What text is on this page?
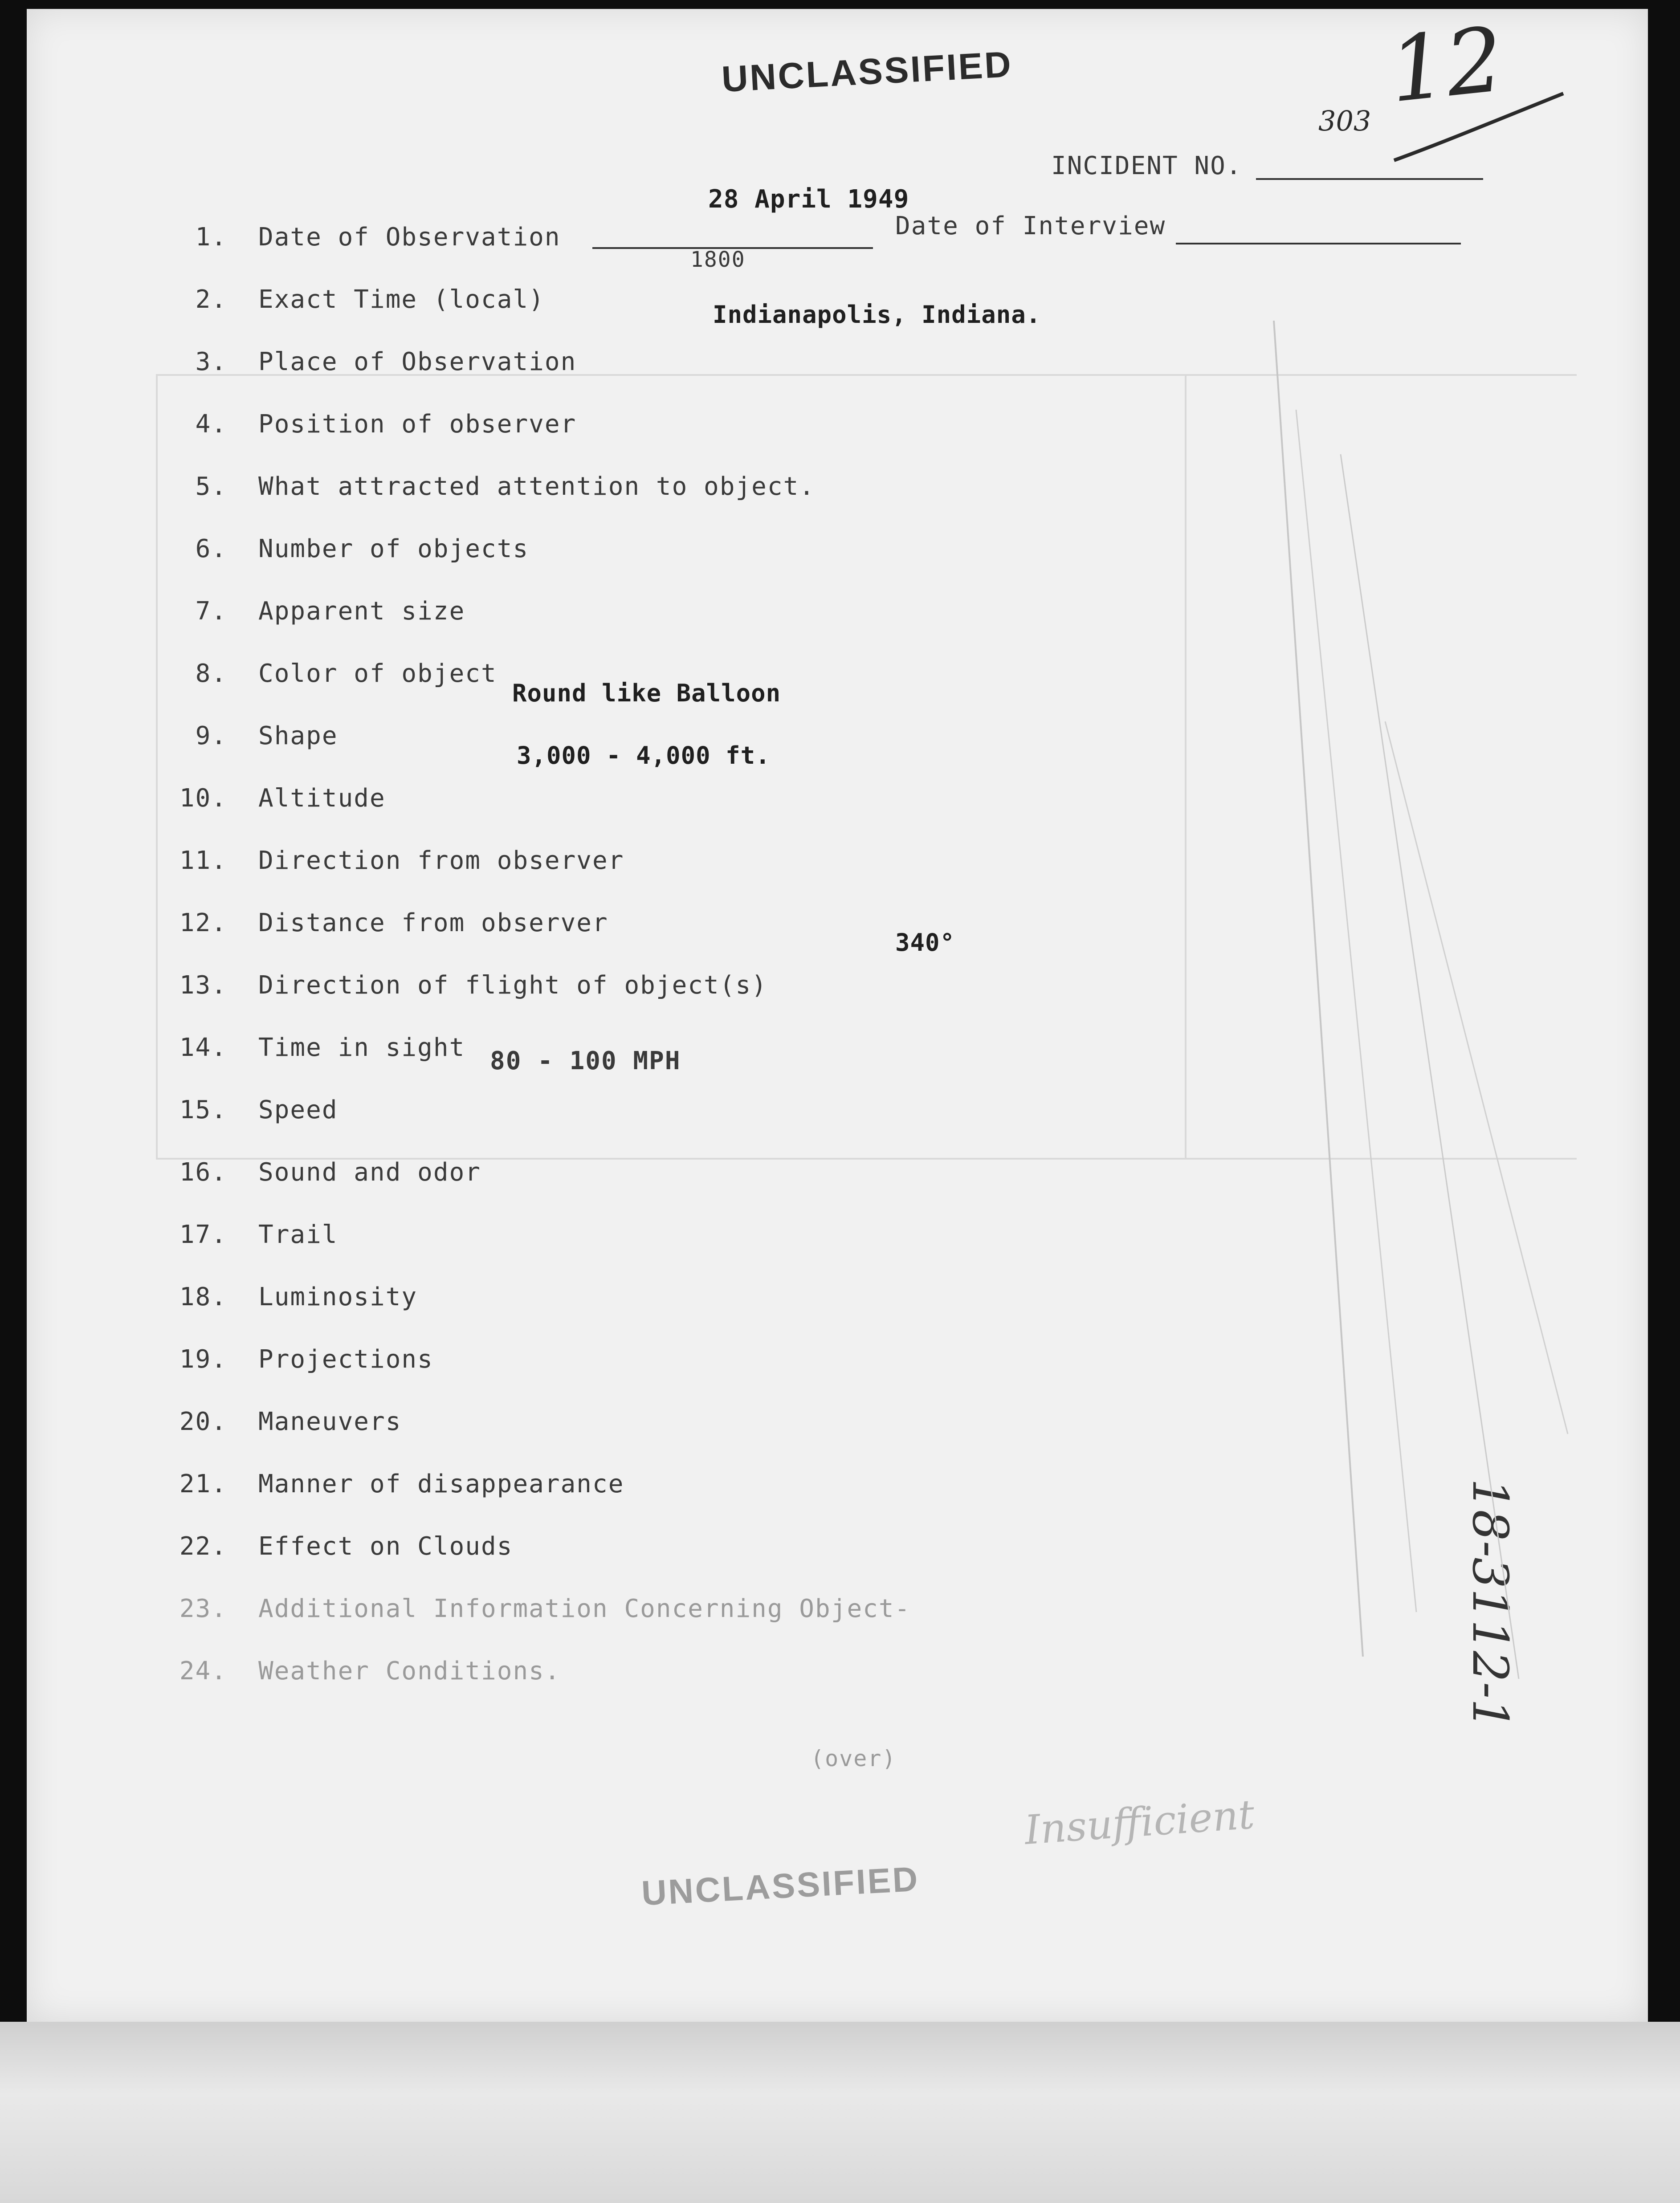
UNCLASSIFIED	12
303
INCIDENT NO.
28 April 1949
Date of Interview
1800
Indianapolis, Indiana.
Round like Balloon
3,000 - 4,000 ft.
340°
80 - 100 MPH
1. Date of Observation
2. Exact Time (local)
3. Place of Observation
4. Position of observer
5. What attracted attention to object.
6. Number of objects
7. Apparent size
8. Color of object
9. Shape
10. Altitude
11. Direction from observer
12. Distance from observer
13. Direction of flight of object(s)
14. Time in sight
15. Speed
16. Sound and odor
17. Trail
18. Luminosity
19. Projections
20. Maneuvers
21. Manner of disappearance
22. Effect on Clouds
23. Additional Information Concerning Object-
24. Weather Conditions.
(over)
UNCLASSIFIED
Insufficient
18-3112-1
